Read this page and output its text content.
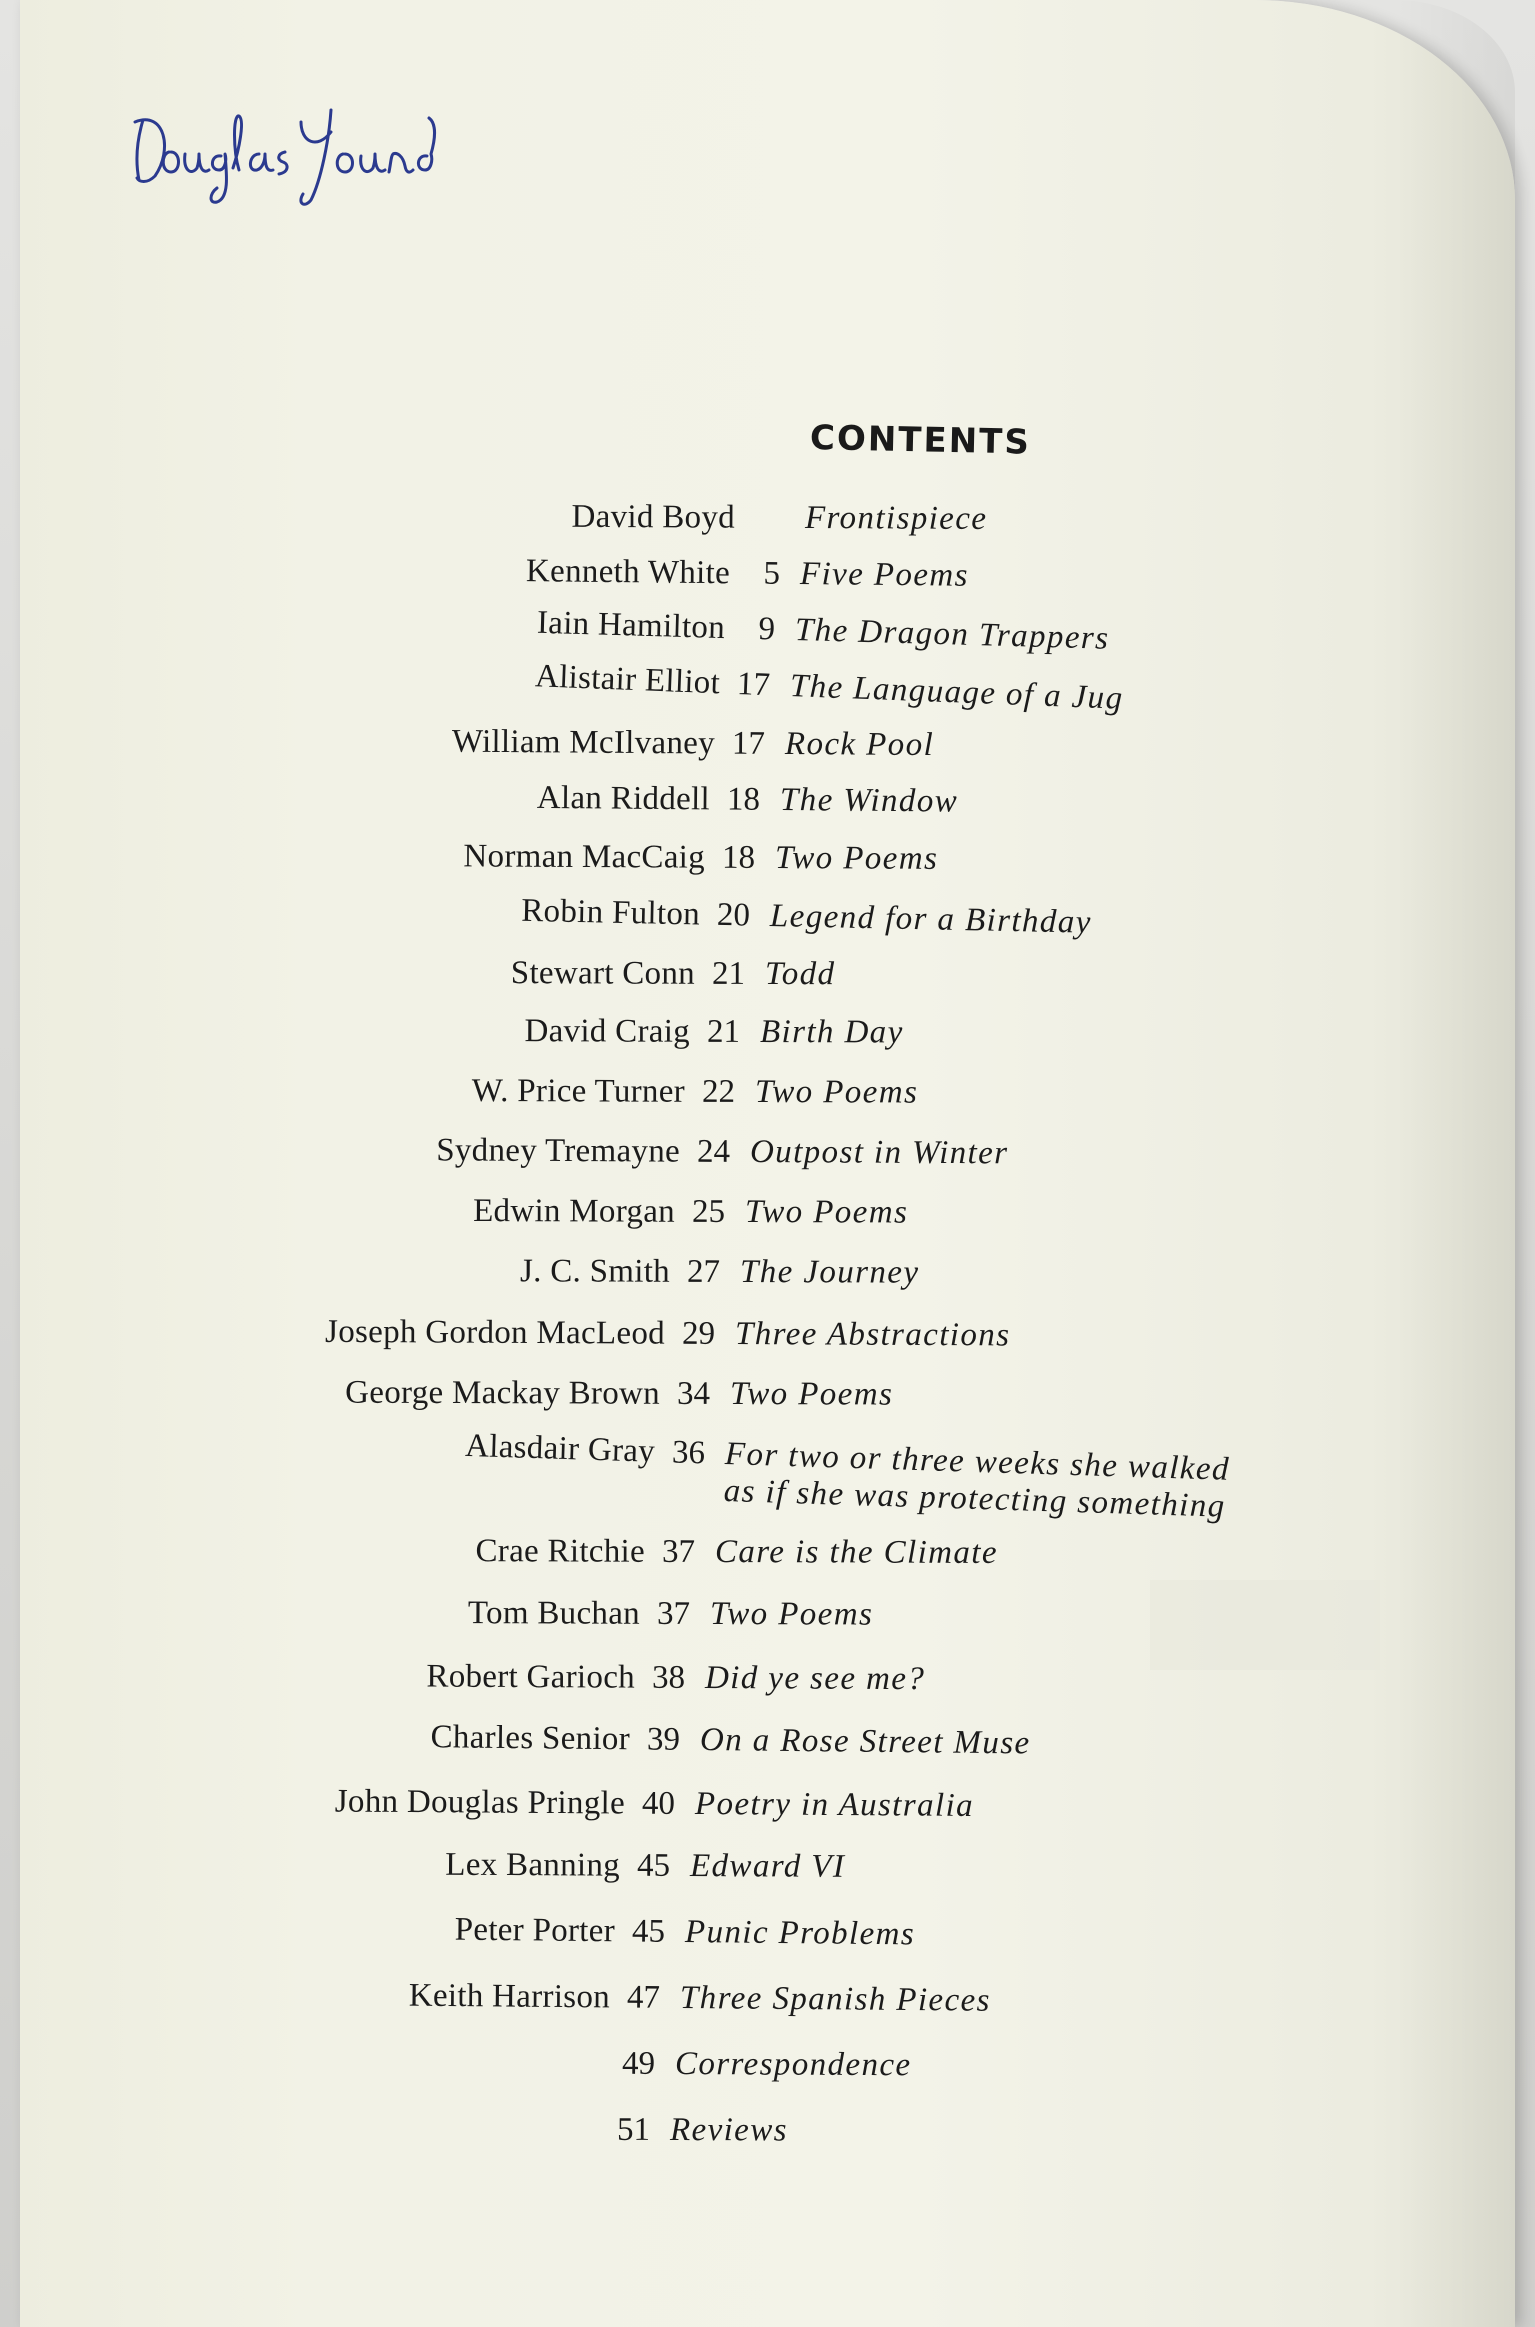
CONTENTS
David Boyd Frontispiece
Kenneth White	5 Five Poems
Iain Hamilton 9 The Dragon Trappers
Alistair Elliot 17 The Language of a Jug
William McIlvaney 17 Rock Pool
Alan Riddell 18 The Window
Norman MacCaig 18 Two Poems
Robin Fulton 20 Legend for a Birthday
Stewart Conn 21 Todd
David Craig 21 Birth Day
W. Price Turner 22 Two Poems
Sydney Tremayne 24 Outpost in Winter
Edwin Morgan 25 Two Poems
J. C. Smith 27 The Journey
Joseph Gordon MacLeod 29 Three Abstractions
George Mackay Brown 34 Two Poems
Alasdair Gray 36 For two or three weeks she walked
as if she was protecting something
Crae Ritchie 37 Care is the Climate
Tom Buchan 37 Two Poems
Robert Garioch 38 Did ye see me?
Charles Senior 39 On a Rose Street Muse
John Douglas Pringle 40 Poetry in Australia
Lex Banning 45 Edward VI
Peter Porter 45 Punic Problems
Keith Harrison 47 Three Spanish Pieces
49 Correspondence
51 Reviews
